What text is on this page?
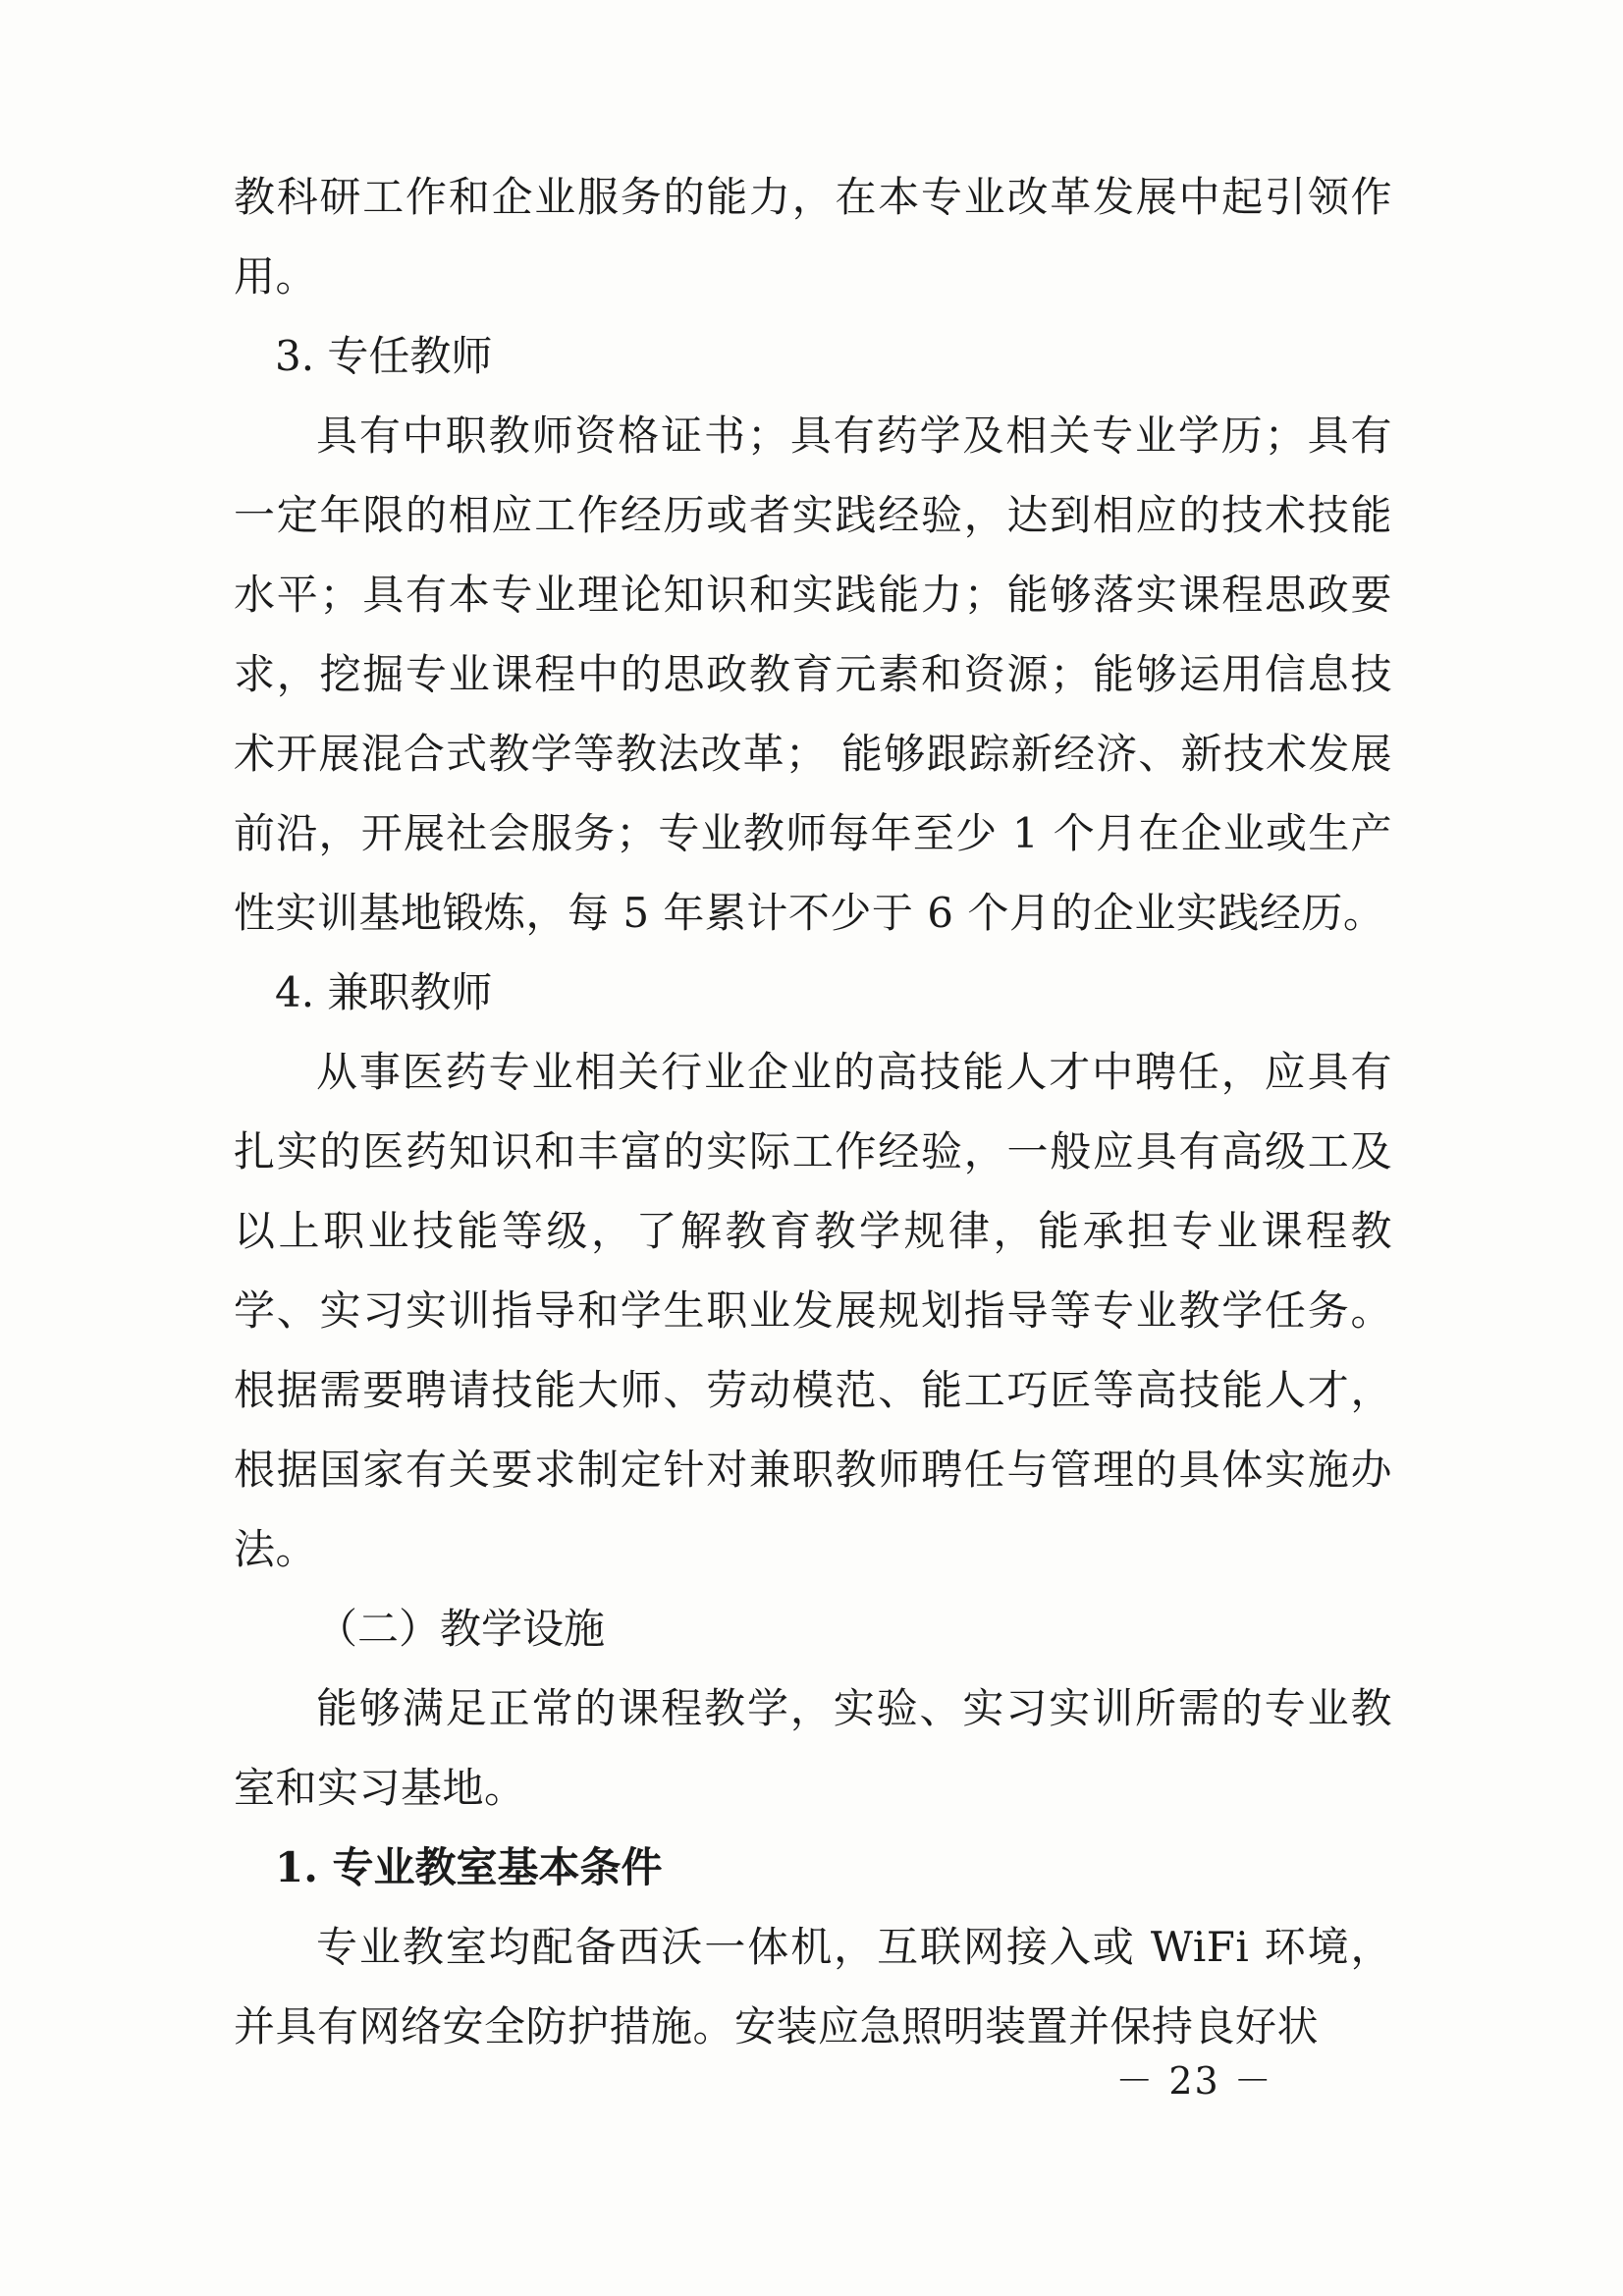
教科研工作和企业服务的能力，在本专业改革发展中起引领作用。

3. 专任教师

具有中职教师资格证书；具有药学及相关专业学历；具有一定年限的相应工作经历或者实践经验，达到相应的技术技能水平；具有本专业理论知识和实践能力；能够落实课程思政要求，挖掘专业课程中的思政教育元素和资源；能够运用信息技术开展混合式教学等教法改革； 能够跟踪新经济、新技术发展前沿，开展社会服务；专业教师每年至少 1 个月在企业或生产性实训基地锻炼，每 5 年累计不少于 6 个月的企业实践经历。

4. 兼职教师

从事医药专业相关行业企业的高技能人才中聘任，应具有扎实的医药知识和丰富的实际工作经验，一般应具有高级工及以上职业技能等级，了解教育教学规律，能承担专业课程教学、实习实训指导和学生职业发展规划指导等专业教学任务。根据需要聘请技能大师、劳动模范、能工巧匠等高技能人才，根据国家有关要求制定针对兼职教师聘任与管理的具体实施办法。

（二）教学设施

能够满足正常的课程教学，实验、实习实训所需的专业教室和实习基地。

1. 专业教室基本条件

专业教室均配备西沃一体机，互联网接入或 WiFi 环境，并具有网络安全防护措施。安装应急照明装置并保持良好状

－ 23 －
